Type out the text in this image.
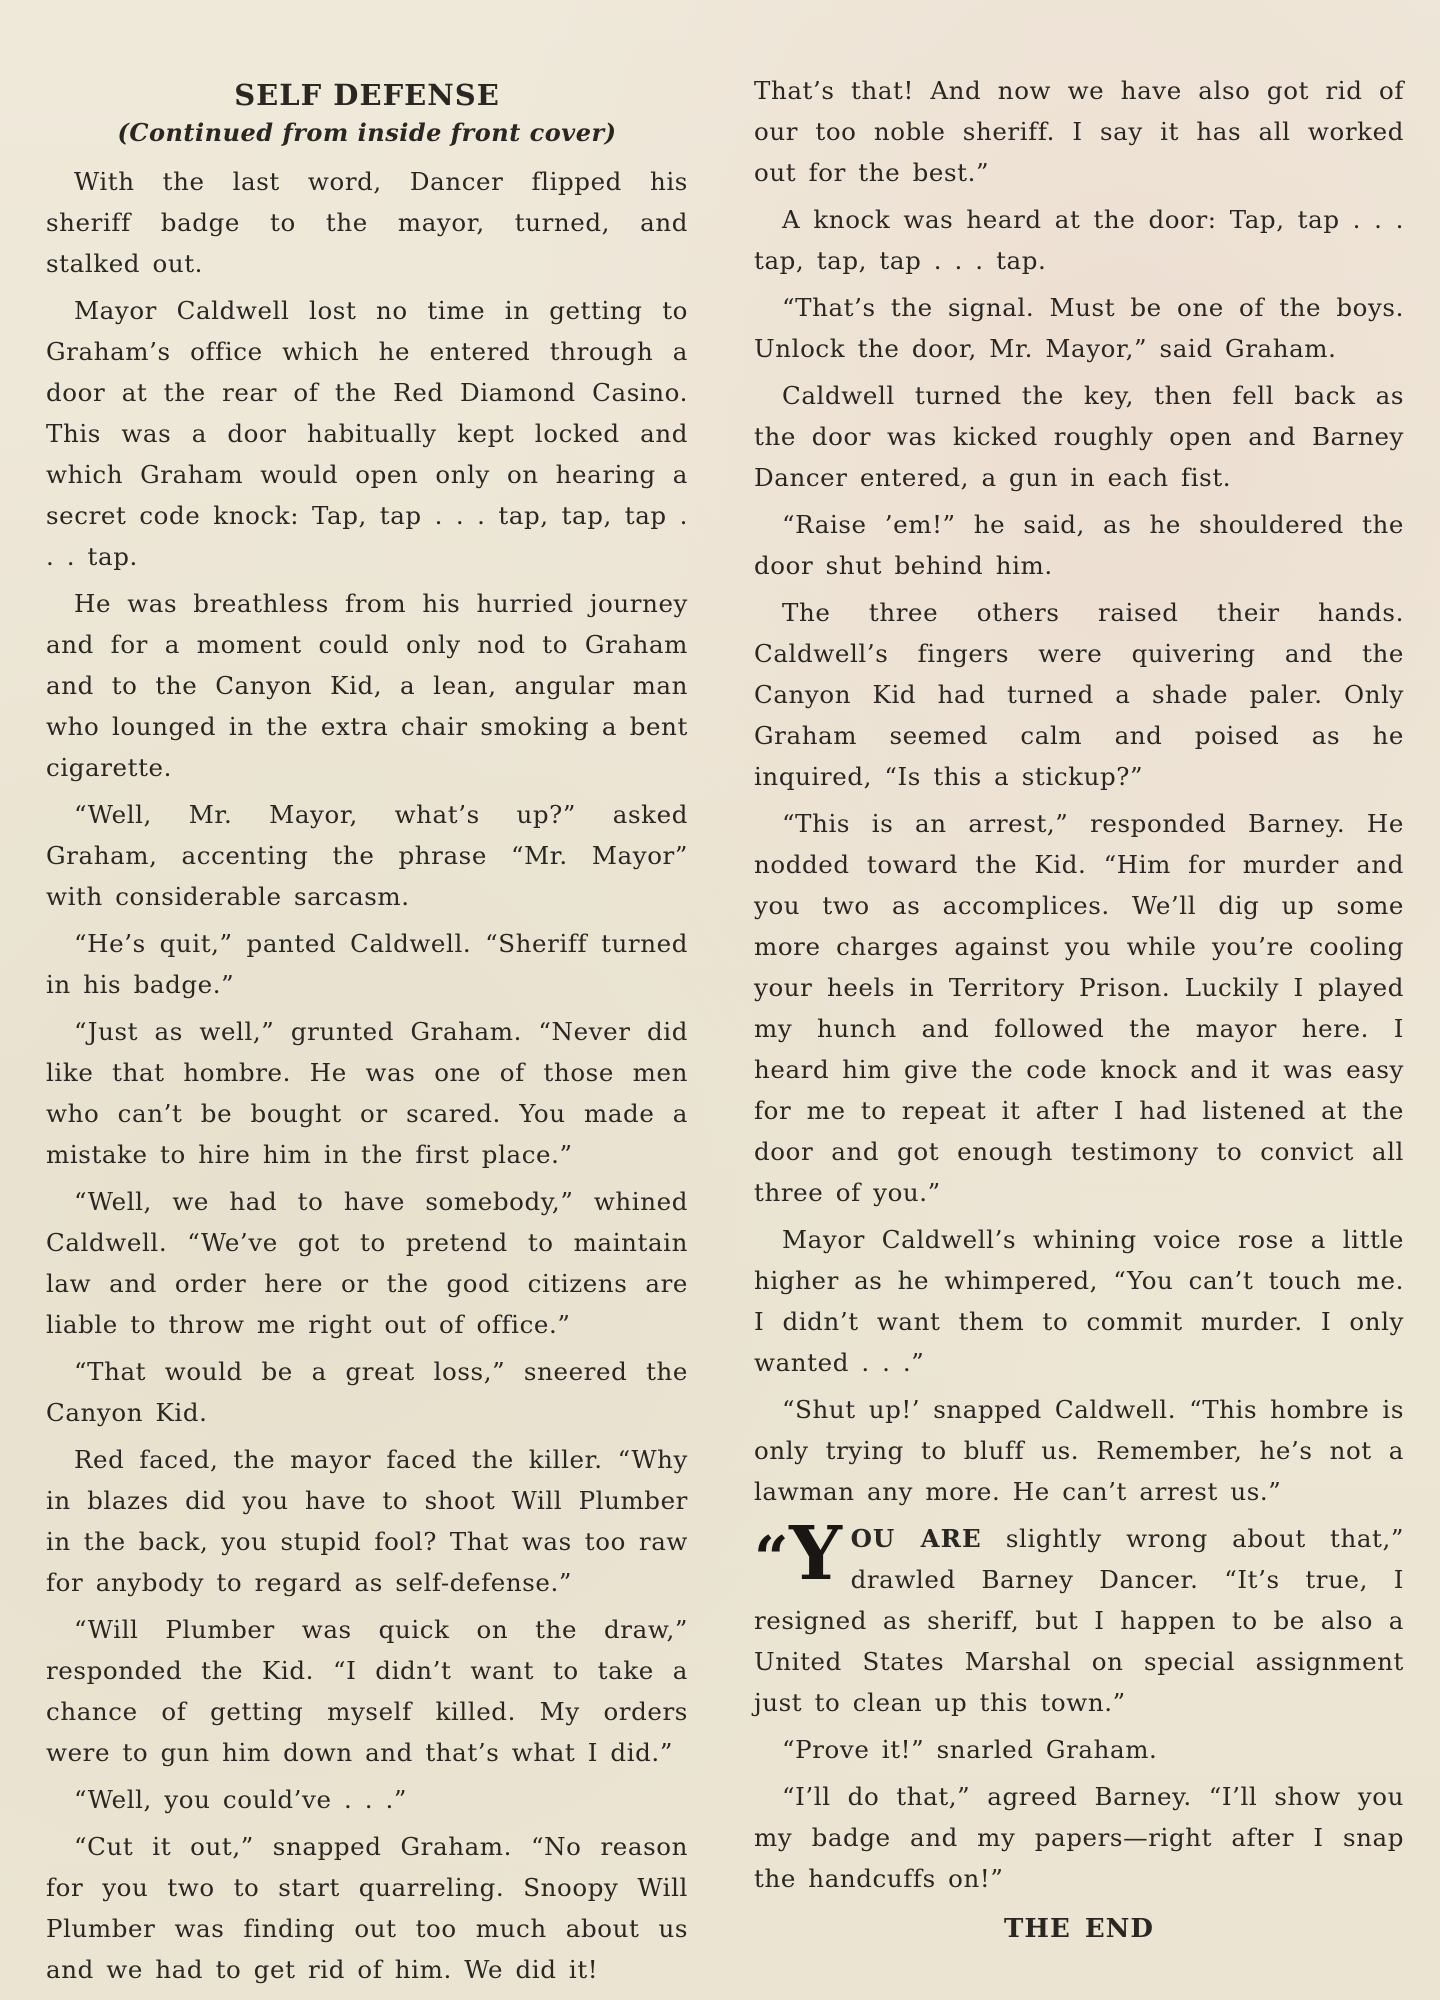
SELF DEFENSE
(Continued from inside front cover)

With the last word, Dancer flipped his sheriff badge to the mayor, turned, and stalked out.

Mayor Caldwell lost no time in getting to Graham’s office which he entered through a door at the rear of the Red Diamond Casino. This was a door habitually kept locked and which Graham would open only on hearing a secret code knock: Tap, tap . . . tap, tap, tap . . . tap.

He was breathless from his hurried journey and for a moment could only nod to Graham and to the Canyon Kid, a lean, angular man who lounged in the extra chair smoking a bent cigarette.

“Well, Mr. Mayor, what’s up?” asked Graham, accenting the phrase “Mr. Mayor” with considerable sarcasm.

“He’s quit,” panted Caldwell. “Sheriff turned in his badge.”

“Just as well,” grunted Graham. “Never did like that hombre. He was one of those men who can’t be bought or scared. You made a mistake to hire him in the first place.”

“Well, we had to have somebody,” whined Caldwell. “We’ve got to pretend to maintain law and order here or the good citizens are liable to throw me right out of office.”

“That would be a great loss,” sneered the Canyon Kid.

Red faced, the mayor faced the killer. “Why in blazes did you have to shoot Will Plumber in the back, you stupid fool? That was too raw for anybody to regard as self-defense.”

“Will Plumber was quick on the draw,” responded the Kid. “I didn’t want to take a chance of getting myself killed. My orders were to gun him down and that’s what I did.”

“Well, you could’ve . . .”

“Cut it out,” snapped Graham. “No reason for you two to start quarreling. Snoopy Will Plumber was finding out too much about us and we had to get rid of him. We did it!

That’s that! And now we have also got rid of our too noble sheriff. I say it has all worked out for the best.”

A knock was heard at the door: Tap, tap . . . tap, tap, tap . . . tap.

“That’s the signal. Must be one of the boys. Unlock the door, Mr. Mayor,” said Graham.

Caldwell turned the key, then fell back as the door was kicked roughly open and Barney Dancer entered, a gun in each fist.

“Raise ’em!” he said, as he shouldered the door shut behind him.

The three others raised their hands. Caldwell’s fingers were quivering and the Canyon Kid had turned a shade paler. Only Graham seemed calm and poised as he inquired, “Is this a stickup?”

“This is an arrest,” responded Barney. He nodded toward the Kid. “Him for murder and you two as accomplices. We’ll dig up some more charges against you while you’re cooling your heels in Territory Prison. Luckily I played my hunch and followed the mayor here. I heard him give the code knock and it was easy for me to repeat it after I had listened at the door and got enough testimony to convict all three of you.”

Mayor Caldwell’s whining voice rose a little higher as he whimpered, “You can’t touch me. I didn’t want them to commit murder. I only wanted . . .”

“Shut up!’ snapped Caldwell. “This hombre is only trying to bluff us. Remember, he’s not a lawman any more. He can’t arrest us.”

“Y OU ARE slightly wrong about that,” drawled Barney Dancer. “It’s true, I resigned as sheriff, but I happen to be also a United States Marshal on special assignment just to clean up this town.”

“Prove it!” snarled Graham.

“I’ll do that,” agreed Barney. “I’ll show you my badge and my papers—right after I snap the handcuffs on!”

THE END
